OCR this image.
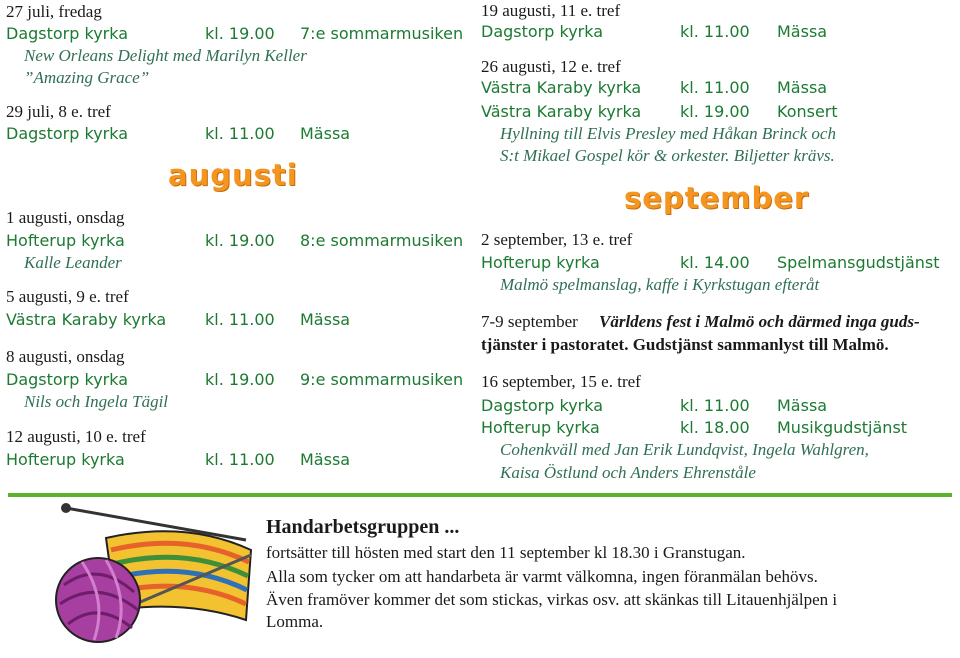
27 juli, fredag
Dagstorp kyrka	kl. 19.00 7:e sommarmusiken
New Orleans Delight med Marilyn Keller
”Amazing Grace”
29 juli, 8 e. tref
Dagstorp kyrka	kl. 11.00 Mässa
augusti
1 augusti, onsdag
Hofterup kyrka	kl. 19.00 8:e sommarmusiken
Kalle Leander
5 augusti, 9 e. tref
Västra Karaby kyrka kl. 11.00 Mässa
8 augusti, onsdag
Dagstorp kyrka	kl. 19.00 9:e sommarmusiken
Nils och Ingela Tägil
12 augusti, 10 e. tref
Hofterup kyrka	kl. 11.00 Mässa
19 augusti, 11 e. tref
Dagstorp kyrka	kl. 11.00 Mässa
26 augusti, 12 e. tref
Västra Karaby kyrka kl. 11.00 Mässa
Västra Karaby kyrka kl. 19.00 Konsert
Hyllning till Elvis Presley med Håkan Brinck och
S:t Mikael Gospel kör & orkester. Biljetter krävs.
september
2 september, 13 e. tref
Hofterup kyrka	kl. 14.00 Spelmansgudstjänst
Malmö spelmanslag, kaffe i Kyrkstugan efteråt
7-9 september Världens fest i Malmö och därmed inga guds-
tjänster i pastoratet. Gudstjänst sammanlyst till Malmö.
16 september, 15 e. tref
Dagstorp kyrka	kl. 11.00 Mässa
Hofterup kyrka	kl. 18.00 Musikgudstjänst
Cohenkväll med Jan Erik Lundqvist, Ingela Wahlgren,
Kaisa Östlund och Anders Ehrenståle
Handarbetsgruppen ...
fortsätter till hösten med start den 11 september kl 18.30 i Granstugan.
Alla som tycker om att handarbeta är varmt välkomna, ingen föranmälan behövs.
Även framöver kommer det som stickas, virkas osv. att skänkas till Litauenhjälpen i
Lomma.
